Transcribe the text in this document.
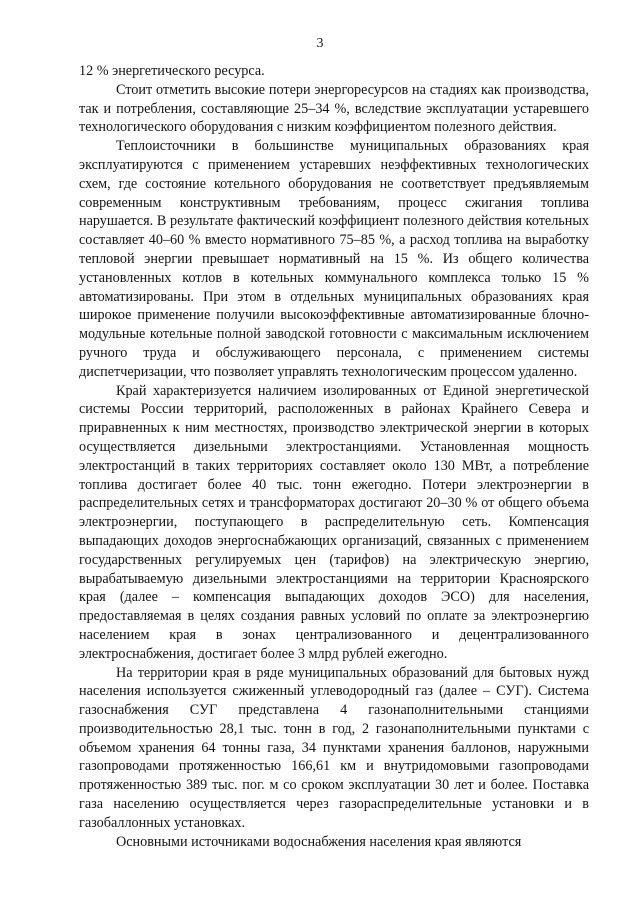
3

12 % энергетического ресурса.

Стоит отметить высокие потери энергоресурсов на стадиях как производства, так и потребления, составляющие 25–34 %, вследствие эксплуатации устаревшего технологического оборудования с низким коэффициентом полезного действия.

Теплоисточники в большинстве муниципальных образованиях края эксплуатируются с применением устаревших неэффективных технологических схем, где состояние котельного оборудования не соответствует предъявляемым современным конструктивным требованиям, процесс сжигания топлива нарушается. В результате фактический коэффициент полезного действия котельных составляет 40–60 % вместо нормативного 75–85 %, а расход топлива на выработку тепловой энергии превышает нормативный на 15 %. Из общего количества установленных котлов в котельных коммунального комплекса только 15 % автоматизированы. При этом в отдельных муниципальных образованиях края широкое применение получили высокоэффективные автоматизированные блочно-модульные котельные полной заводской готовности с максимальным исключением ручного труда и обслуживающего персонала, с применением системы диспетчеризации, что позволяет управлять технологическим процессом удаленно.

Край характеризуется наличием изолированных от Единой энергетической системы России территорий, расположенных в районах Крайнего Севера и приравненных к ним местностях, производство электрической энергии в которых осуществляется дизельными электростанциями. Установленная мощность электростанций в таких территориях составляет около 130 МВт, а потребление топлива достигает более 40 тыс. тонн ежегодно. Потери электроэнергии в распределительных сетях и трансформаторах достигают 20–30 % от общего объема электроэнергии, поступающего в распределительную сеть. Компенсация выпадающих доходов энергоснабжающих организаций, связанных с применением государственных регулируемых цен (тарифов) на электрическую энергию, вырабатываемую дизельными электростанциями на территории Красноярского края (далее – компенсация выпадающих доходов ЭСО) для населения, предоставляемая в целях создания равных условий по оплате за электроэнергию населением края в зонах централизованного и децентрализованного электроснабжения, достигает более 3 млрд рублей ежегодно.

На территории края в ряде муниципальных образований для бытовых нужд населения используется сжиженный углеводородный газ (далее – СУГ). Система газоснабжения СУГ представлена 4 газонаполнительными станциями производительностью 28,1 тыс. тонн в год, 2 газонаполнительными пунктами с объемом хранения 64 тонны газа, 34 пунктами хранения баллонов, наружными газопроводами протяженностью 166,61 км и внутридомовыми газопроводами протяженностью 389 тыс. пог. м со сроком эксплуатации 30 лет и более. Поставка газа населению осуществляется через газораспределительные установки и в газобаллонных установках.

Основными источниками водоснабжения населения края являются
